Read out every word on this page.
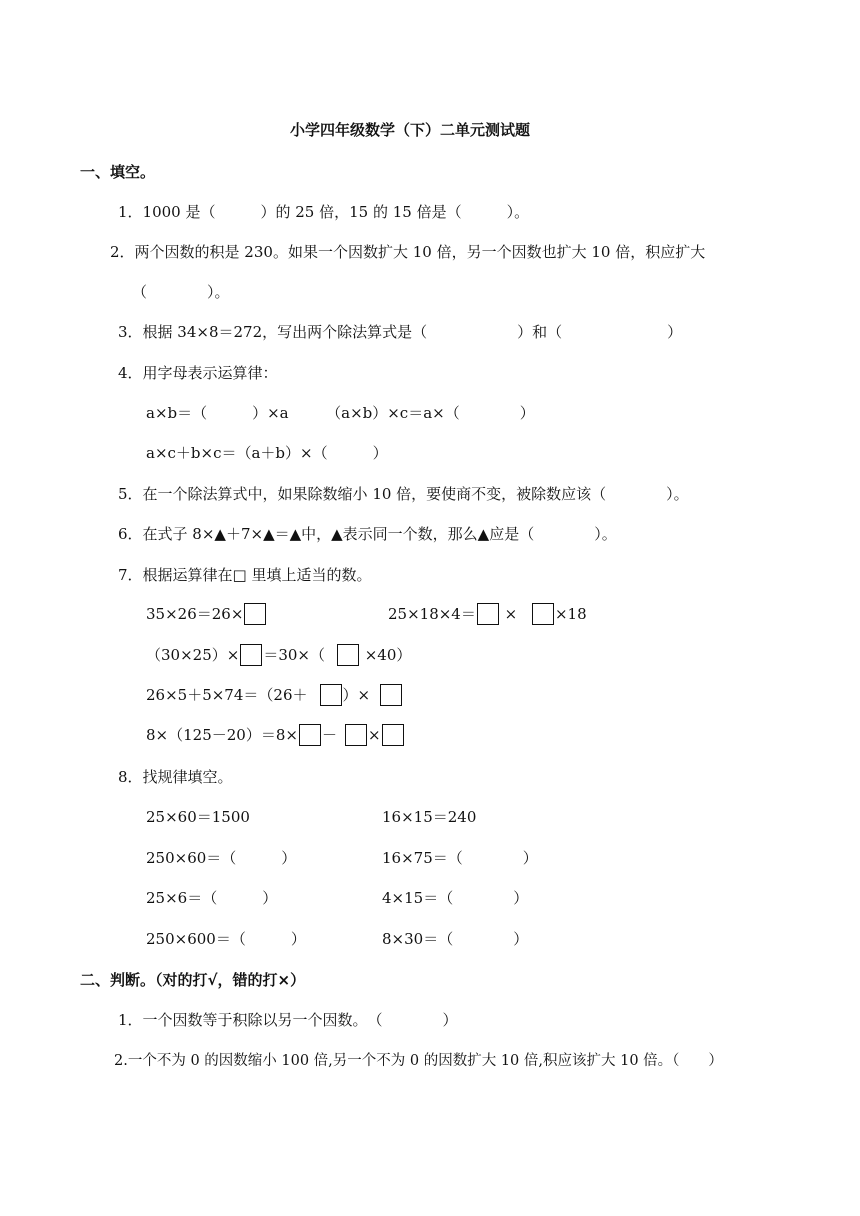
小学四年级数学（下）二单元测试题
一、填空。
1．1000 是（　　　）的 25 倍，15 的 15 倍是（　　　）。
2．两个因数的积是 230。如果一个因数扩大 10 倍，另一个因数也扩大 10 倍，积应扩大
（　　　　）。
3．根据 34×8＝272，写出两个除法算式是（　　　　　　）和（　　　　　　　）
4．用字母表示运算律：
a×b＝（　　　）×a　　　（a×b）×c＝a×（　　　　）
a×c＋b×c＝（a＋b）×（　　　）
5．在一个除法算式中，如果除数缩小 10 倍，要使商不变，被除数应该（　　　　）。
6．在式子 8×▲＋7×▲＝▲中，▲表示同一个数，那么▲应是（　　　　）。
7．根据运算律在□ 里填上适当的数。
35×26＝26×	25×18×4＝ × ×18
（30×25）× ＝30×（ ×40）
26×5＋5×74＝（26＋ ）×
8×（125－20）＝8× － ×
8．找规律填空。
25×60＝1500
250×60＝（　　　）
25×6＝（　　　）
250×600＝（　　　）
16×15＝240
16×75＝（　　　　）
4×15＝（　　　　）
8×30＝（　　　　）
二、判断。（对的打√，错的打×）
1．一个因数等于积除以另一个因数。　（　　　　）
2.一个不为 0 的因数缩小 100 倍,另一个不为 0 的因数扩大 10 倍,积应该扩大 10 倍。（　　）
